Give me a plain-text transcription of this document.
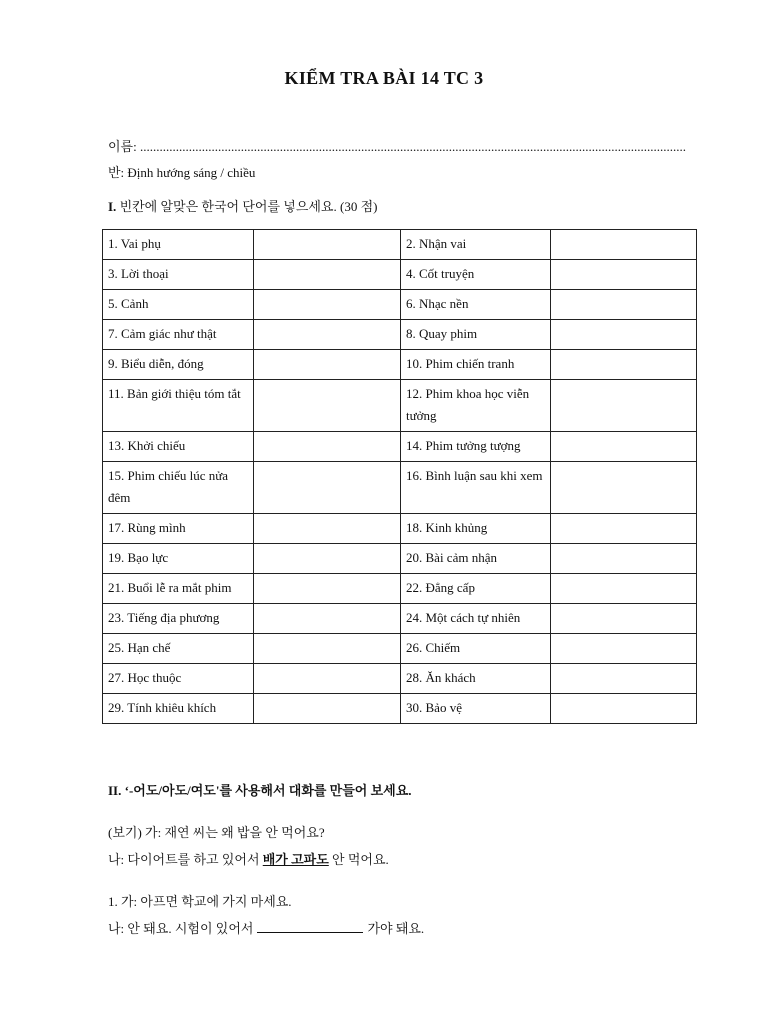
KIỂM TRA BÀI 14 TC 3
이름: ........................................................................................................................................................................
반: Định hướng sáng / chiều
I. 빈칸에 알맞은 한국어 단어를 넣으세요. (30 점)
1. Vai phụ		2. Nhận vai	
3. Lời thoại		4. Cốt truyện	
5. Cảnh		6. Nhạc nền	
7. Cảm giác như thật		8. Quay phim	
9. Biểu diễn, đóng		10. Phim chiến tranh	
11. Bản giới thiệu tóm tắt		12. Phim khoa học viễn tưởng	
13. Khởi chiếu		14. Phim tưởng tượng	
15. Phim chiếu lúc nửa đêm		16. Bình luận sau khi xem	
17. Rùng mình		18. Kinh khủng	
19. Bạo lực		20. Bài cảm nhận	
21. Buổi lễ ra mắt phim		22. Đẳng cấp	
23. Tiếng địa phương		24. Một cách tự nhiên	
25. Hạn chế		26. Chiếm	
27. Học thuộc		28. Ăn khách	
29. Tính khiêu khích		30. Bảo vệ	
II. ‘-어도/아도/여도'를 사용해서 대화를 만들어 보세요.
(보기) 가: 재연 씨는 왜 밥을 안 먹어요?
나: 다이어트를 하고 있어서 배가 고파도 안 먹어요.
1. 가: 아프면 학교에 가지 마세요.
나: 안 돼요. 시험이 있어서	가야 돼요.
